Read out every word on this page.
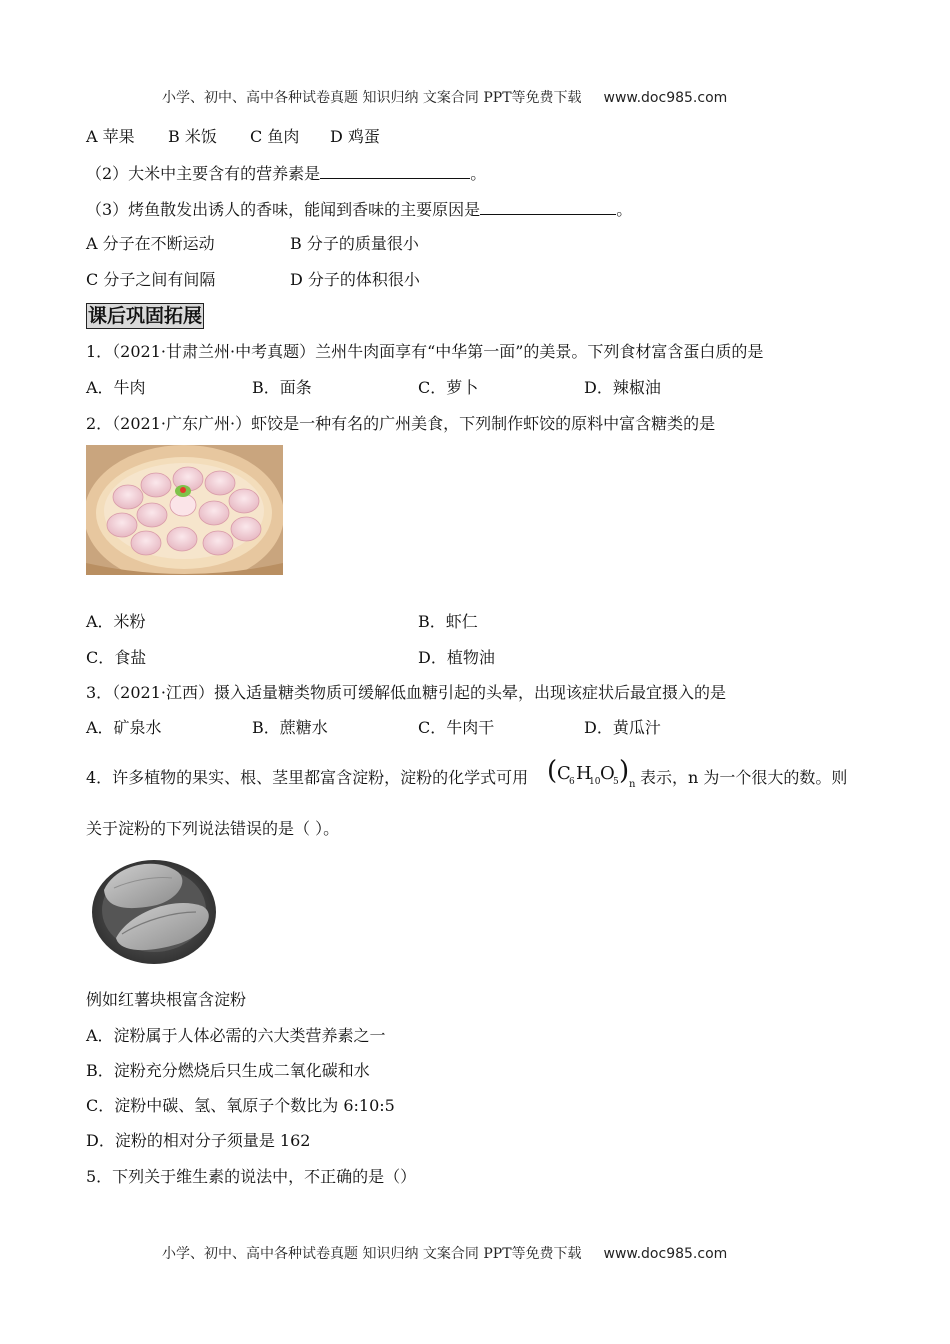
小学、初中、高中各种试卷真题 知识归纳 文案合同 PPT等免费下载 www.doc985.com
A 苹果 B 米饭 C 鱼肉 D 鸡蛋
（2）大米中主要含有的营养素是	。
（3）烤鱼散发出诱人的香味，能闻到香味的主要原因是	。
A 分子在不断运动	B 分子的质量很小
C 分子之间有间隔	D 分子的体积很小
课后巩固拓展
1．（2021·甘肃兰州·中考真题）兰州牛肉面享有“中华第一面”的美景。下列食材富含蛋白质的是
A．牛肉	B．面条	C．萝卜	D．辣椒油
2．（2021·广东广州·）虾饺是一种有名的广州美食，下列制作虾饺的原料中富含糖类的是
A．米粉	B．虾仁
C．食盐	D．植物油
3．（2021·江西）摄入适量糖类物质可缓解低血糖引起的头晕，出现该症状后最宜摄入的是
A．矿泉水	B．蔗糖水	C．牛肉干	D．黄瓜汁
4．许多植物的果实、根、茎里都富含淀粉，淀粉的化学式可用 ( C
6 H
10 O
5 ) n 表示，n 为一个很大的数。则
关于淀粉的下列说法错误的是（ ）。
例如红薯块根富含淀粉
A．淀粉属于人体必需的六大类营养素之一
B．淀粉充分燃烧后只生成二氧化碳和水
C．淀粉中碳、氢、氧原子个数比为 6:10:5
D．淀粉的相对分子须量是 162
5．下列关于维生素的说法中，不正确的是（）
小学、初中、高中各种试卷真题 知识归纳 文案合同 PPT等免费下载 www.doc985.com
